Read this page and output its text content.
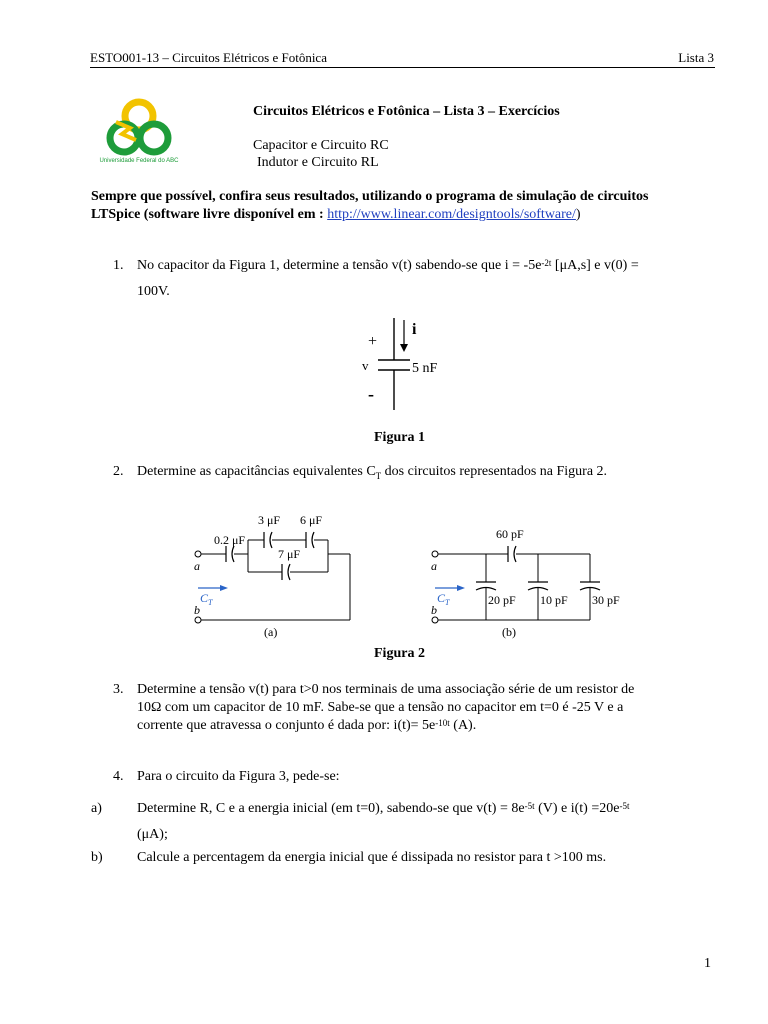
ESTO001-13 – Circuitos Elétricos e Fotônica	Lista 3
Universidade Federal do ABC
Circuitos Elétricos e Fotônica – Lista 3 – Exercícios
Capacitor e Circuito RC
Indutor e Circuito RL
Sempre que possível, confira seus resultados, utilizando o programa de simulação de circuitos
LTSpice (software livre disponível em : http://www.linear.com/designtools/software/)
1. No capacitor da Figura 1, determine a tensão v(t) sabendo-se que $i = -5e^{-2t}$ [μA,s] e v(0) =
100V.
+
v
-
i
5 nF
Figura 1
2. Determine as capacitâncias equivalentes $C_T$ dos circuitos representados na Figura 2.
0.2 μF
3 μF 6 μF
7 μF
a
b
$C_T$
(a)
60 pF
20 pF 10 pF 30 pF
a
b
$C_T$
(b)
Figura 2
3. Determine a tensão v(t) para t>0 nos terminais de uma associação série de um resistor de
10Ω com um capacitor de 10 mF. Sabe-se que a tensão no capacitor em t=0 é -25 V e a
corrente que atravessa o conjunto é dada por: $i(t)= 5e^{-10t}$ (A).
4. Para o circuito da Figura 3, pede-se:
a)	Determine R, C e a energia inicial (em t=0), sabendo-se que $v(t) = 8e^{-5t}$ (V) e $i(t) =20e^{-5t}$
(μA);
b) Calcule a percentagem da energia inicial que é dissipada no resistor para t >100 ms.
1
